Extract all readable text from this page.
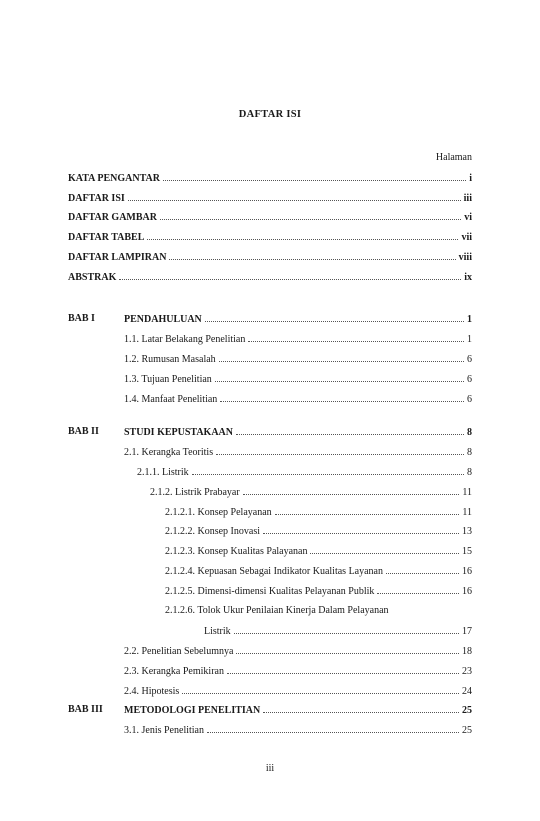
DAFTAR ISI
Halaman
KATA PENGANTAR	i
DAFTAR ISI	iii
DAFTAR GAMBAR	vi
DAFTAR TABEL	vii
DAFTAR LAMPIRAN	viii
ABSTRAK	ix
BAB I	PENDAHULUAN	1
1.1. Latar Belakang Penelitian	1
1.2. Rumusan Masalah	6
1.3. Tujuan Penelitian	6
1.4. Manfaat Penelitian	6
BAB II	STUDI KEPUSTAKAAN	8
2.1. Kerangka Teoritis	8
2.1.1. Listrik	8
2.1.2. Listrik Prabayar	11
2.1.2.1. Konsep Pelayanan	11
2.1.2.2. Konsep Inovasi	13
2.1.2.3. Konsep Kualitas Palayanan	15
2.1.2.4. Kepuasan Sebagai Indikator Kualitas Layanan	16
2.1.2.5. Dimensi-dimensi Kualitas Pelayanan Publik	16
2.1.2.6. Tolok Ukur Penilaian Kinerja Dalam Pelayanan
Listrik	17
2.2. Penelitian Sebelumnya	18
2.3. Kerangka Pemikiran	23
2.4. Hipotesis	24
BAB III METODOLOGI PENELITIAN	25
3.1. Jenis Penelitian	25
iii
